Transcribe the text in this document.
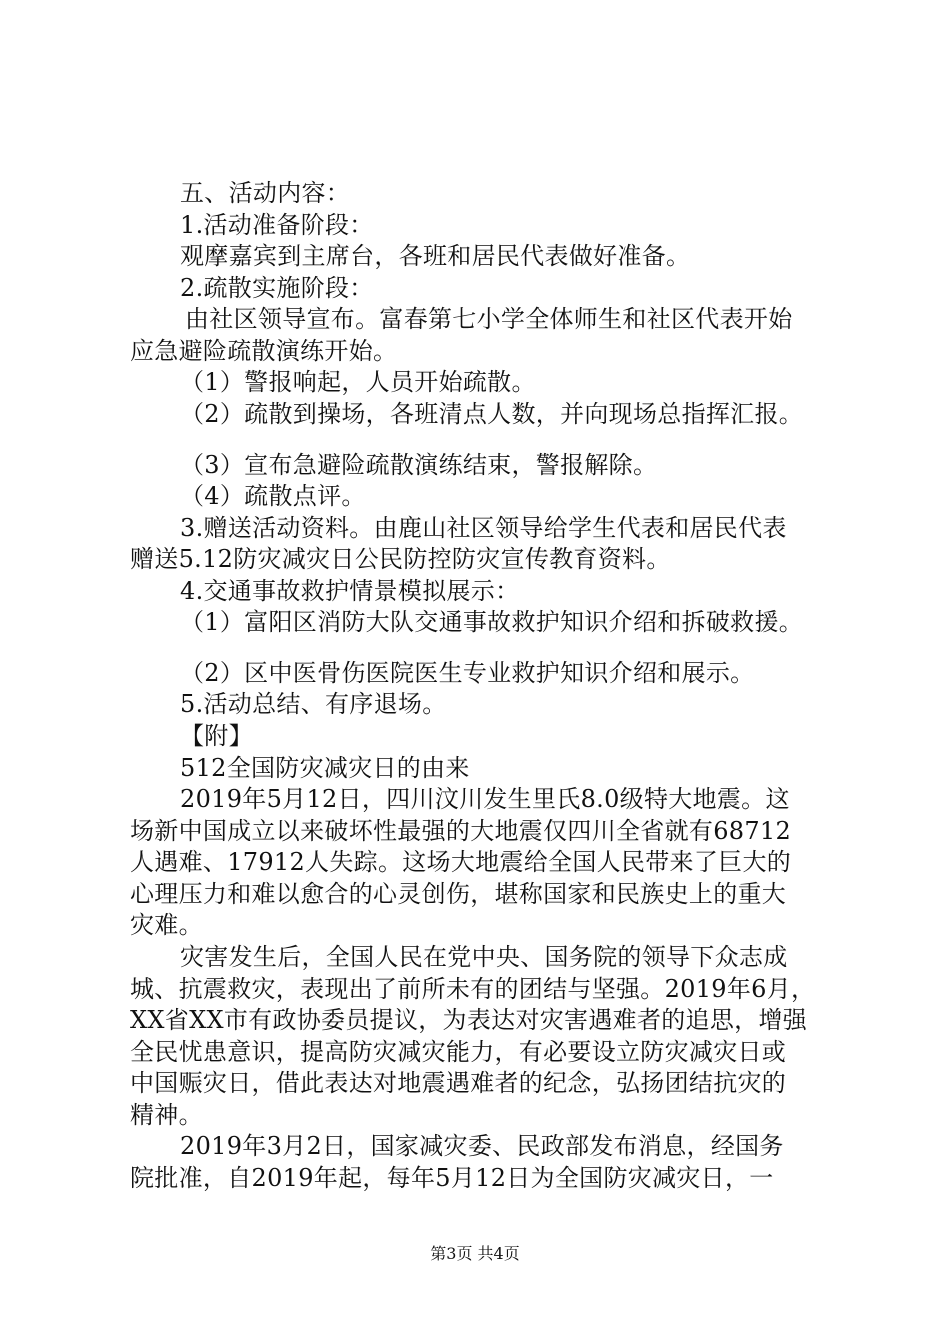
五、活动内容：
1.活动准备阶段：
观摩嘉宾到主席台，各班和居民代表做好准备。
2.疏散实施阶段：
由社区领导宣布。富春第七小学全体师生和社区代表开始
应急避险疏散演练开始。
（1）警报响起，人员开始疏散。
（2）疏散到操场，各班清点人数，并向现场总指挥汇报。
（3）宣布急避险疏散演练结束，警报解除。
（4）疏散点评。
3.赠送活动资料。由鹿山社区领导给学生代表和居民代表
赠送5.12防灾减灾日公民防控防灾宣传教育资料。
4.交通事故救护情景模拟展示：
（1）富阳区消防大队交通事故救护知识介绍和拆破救援。
（2）区中医骨伤医院医生专业救护知识介绍和展示。
5.活动总结、有序退场。
【附】
512全国防灾减灾日的由来
2019年5月12日，四川汶川发生里氏8.0级特大地震。这
场新中国成立以来破坏性最强的大地震仅四川全省就有68712
人遇难、17912人失踪。这场大地震给全国人民带来了巨大的
心理压力和难以愈合的心灵创伤，堪称国家和民族史上的重大
灾难。
灾害发生后，全国人民在党中央、国务院的领导下众志成
城、抗震救灾，表现出了前所未有的团结与坚强。2019年6月，
XX省XX市有政协委员提议，为表达对灾害遇难者的追思，增强
全民忧患意识，提高防灾减灾能力，有必要设立防灾减灾日或
中国赈灾日，借此表达对地震遇难者的纪念，弘扬团结抗灾的
精神。
2019年3月2日，国家减灾委、民政部发布消息，经国务
院批准，自2019年起，每年5月12日为全国防灾减灾日，一
第3页 共4页
